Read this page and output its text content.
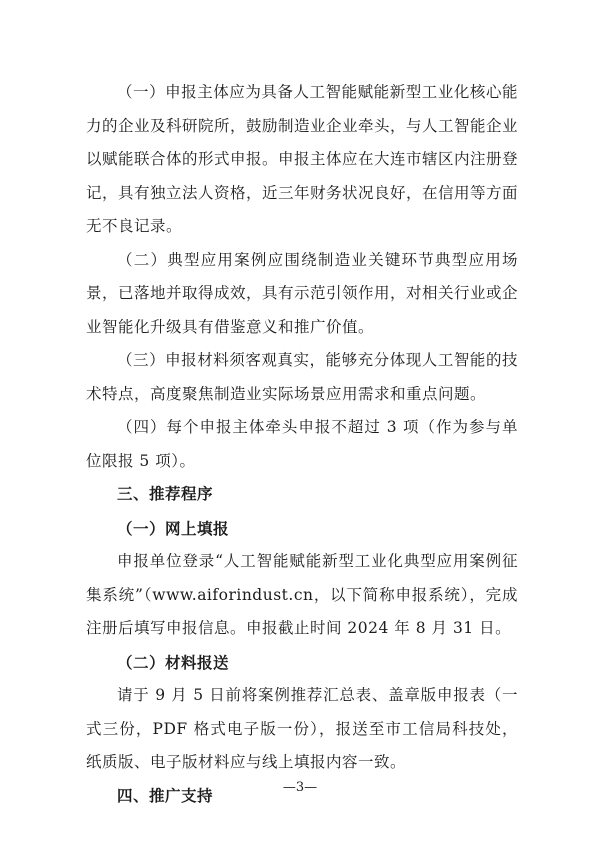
（一）申报主体应为具备人工智能赋能新型工业化核心能力的企业及科研院所，鼓励制造业企业牵头，与人工智能企业以赋能联合体的形式申报。申报主体应在大连市辖区内注册登记，具有独立法人资格，近三年财务状况良好，在信用等方面无不良记录。

（二）典型应用案例应围绕制造业关键环节典型应用场景，已落地并取得成效，具有示范引领作用，对相关行业或企业智能化升级具有借鉴意义和推广价值。

（三）申报材料须客观真实，能够充分体现人工智能的技术特点，高度聚焦制造业实际场景应用需求和重点问题。

（四）每个申报主体牵头申报不超过 3 项（作为参与单位限报 5 项）。

三、推荐程序
（一）网上填报

申报单位登录“人工智能赋能新型工业化典型应用案例征集系统”（www.aiforindust.cn，以下简称申报系统），完成注册后填写申报信息。申报截止时间 2024 年 8 月 31 日。

（二）材料报送

请于 9 月 5 日前将案例推荐汇总表、盖章版申报表（一式三份，PDF 格式电子版一份），报送至市工信局科技处，纸质版、电子版材料应与线上填报内容一致。

四、推广支持	—3—
